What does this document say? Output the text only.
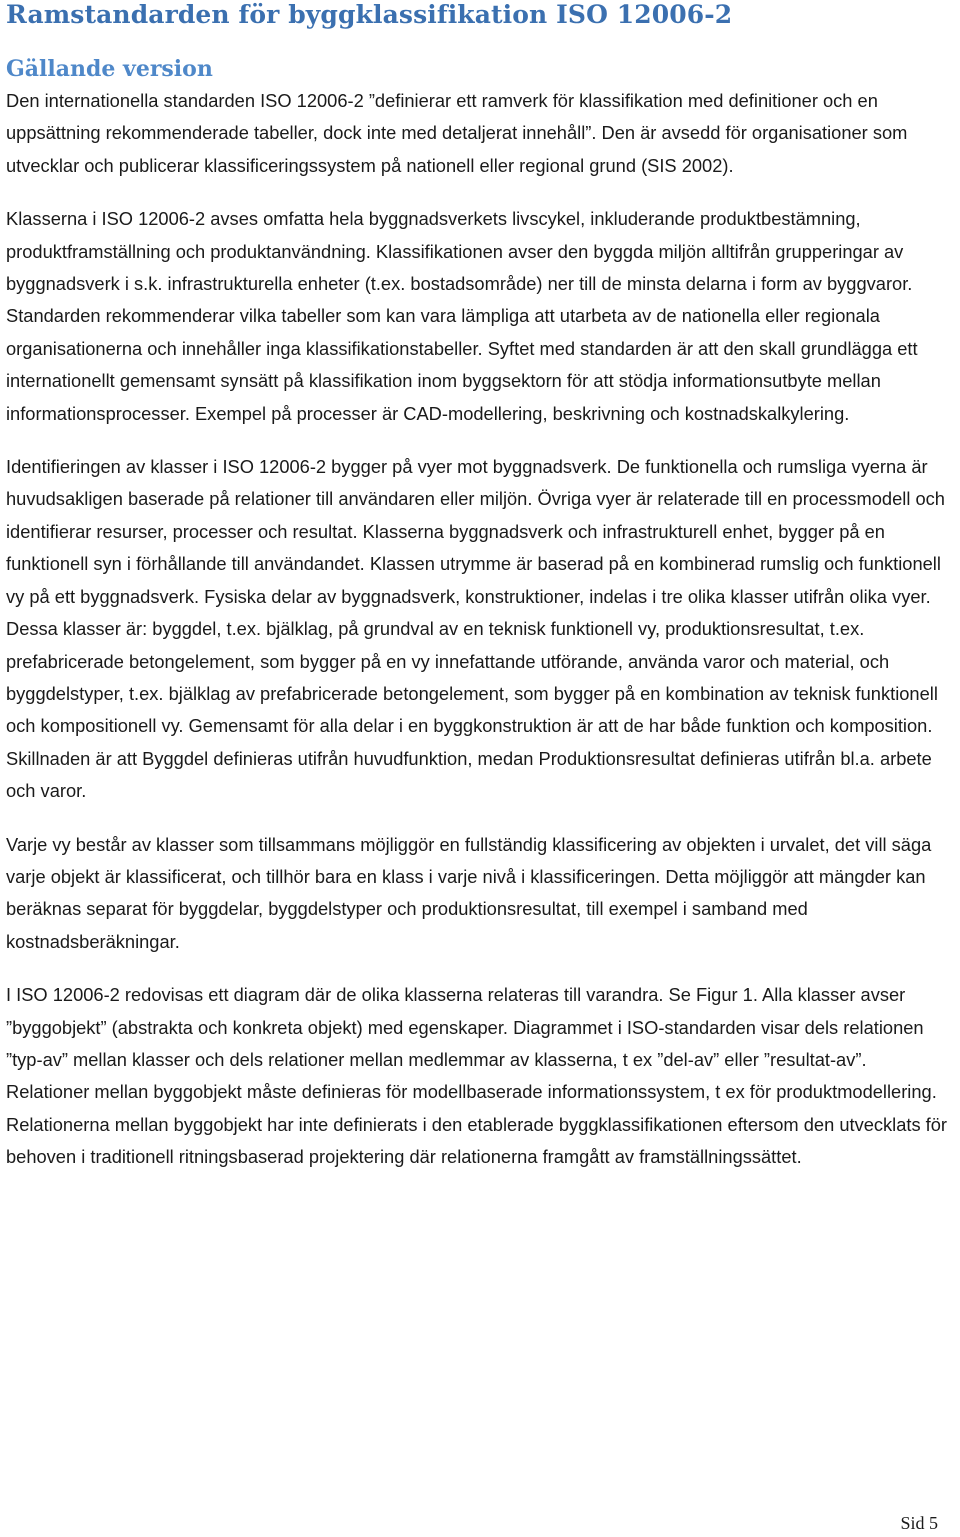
Ramstandarden för byggklassifikation ISO 12006-2
Gällande version

Den internationella standarden ISO 12006-2 ”definierar ett ramverk för klassifikation med definitioner och en uppsättning rekommenderade tabeller, dock inte med detaljerat innehåll”. Den är avsedd för organisationer som utvecklar och publicerar klassificeringssystem på nationell eller regional grund (SIS 2002).

Klasserna i ISO 12006-2 avses omfatta hela byggnadsverkets livscykel, inkluderande produktbestämning, produktframställning och produktanvändning. Klassifikationen avser den byggda miljön alltifrån grupperingar av byggnadsverk i s.k. infrastrukturella enheter (t.ex. bostadsområde) ner till de minsta delarna i form av byggvaror. Standarden rekommenderar vilka tabeller som kan vara lämpliga att utarbeta av de nationella eller regionala organisationerna och innehåller inga klassifikationstabeller. Syftet med standarden är att den skall grundlägga ett internationellt gemensamt synsätt på klassifikation inom byggsektorn för att stödja informationsutbyte mellan informationsprocesser. Exempel på processer är CAD-modellering, beskrivning och kostnadskalkylering.

Identifieringen av klasser i ISO 12006-2 bygger på vyer mot byggnadsverk. De funktionella och rumsliga vyerna är huvudsakligen baserade på relationer till användaren eller miljön. Övriga vyer är relaterade till en processmodell och identifierar resurser, processer och resultat. Klasserna byggnadsverk och infrastrukturell enhet, bygger på en funktionell syn i förhållande till användandet. Klassen utrymme är baserad på en kombinerad rumslig och funktionell vy på ett byggnadsverk. Fysiska delar av byggnadsverk, konstruktioner, indelas i tre olika klasser utifrån olika vyer. Dessa klasser är: byggdel, t.ex. bjälklag, på grundval av en teknisk funktionell vy, produktionsresultat, t.ex. prefabricerade betongelement, som bygger på en vy innefattande utförande, använda varor och material, och byggdelstyper, t.ex. bjälklag av prefabricerade betongelement, som bygger på en kombination av teknisk funktionell och kompositionell vy. Gemensamt för alla delar i en byggkonstruktion är att de har både funktion och komposition. Skillnaden är att Byggdel definieras utifrån huvudfunktion, medan Produktionsresultat definieras utifrån bl.a. arbete och varor.

Varje vy består av klasser som tillsammans möjliggör en fullständig klassificering av objekten i urvalet, det vill säga varje objekt är klassificerat, och tillhör bara en klass i varje nivå i klassificeringen. Detta möjliggör att mängder kan beräknas separat för byggdelar, byggdelstyper och produktionsresultat, till exempel i samband med kostnadsberäkningar.

I ISO 12006-2 redovisas ett diagram där de olika klasserna relateras till varandra. Se Figur 1. Alla klasser avser ”byggobjekt” (abstrakta och konkreta objekt) med egenskaper. Diagrammet i ISO-standarden visar dels relationen ”typ-av” mellan klasser och dels relationer mellan medlemmar av klasserna, t ex ”del-av” eller ”resultat-av”. Relationer mellan byggobjekt måste definieras för modellbaserade informationssystem, t ex för produktmodellering. Relationerna mellan byggobjekt har inte definierats i den etablerade byggklassifikationen eftersom den utvecklats för behoven i traditionell ritningsbaserad projektering där relationerna framgått av framställningssättet.

Sid 5
